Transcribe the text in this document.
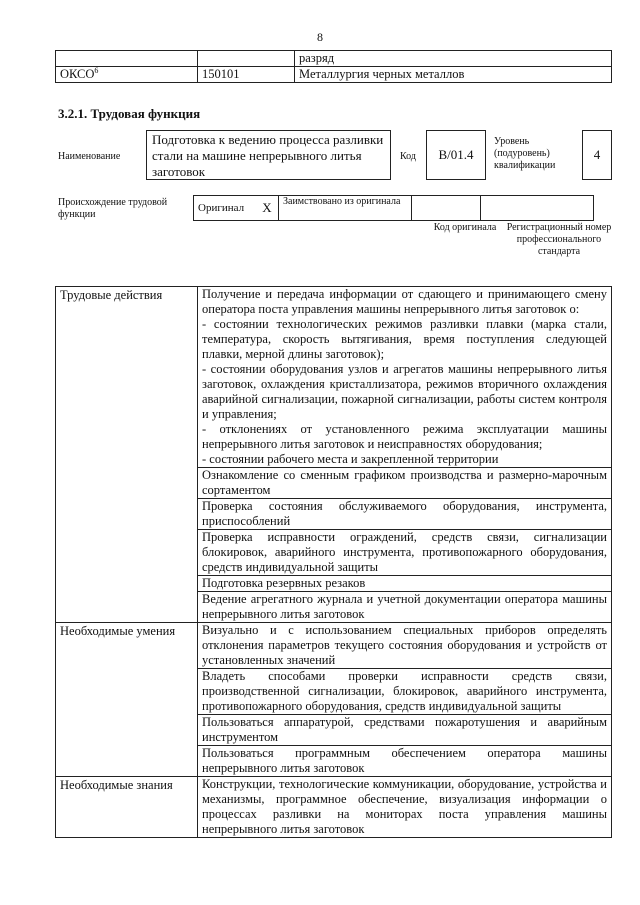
8
		разряд
ОКСО$^6$	150101	Металлургия черных металлов
3.2.1. Трудовая функция
Наименование
Подготовка к ведению процесса разливки стали на машине непрерывного литья заготовок
Код	B/01.4
Уровень (подуровень) квалификации
4
Происхождение трудовой функции
Оригинал	X	Заимствовано из оригинала		
Код оригинала	Регистрационный номер профессионального стандарта
Трудовые действия	Получение и передача информации от сдающего и принимающего смену оператора поста управления машины непрерывного литья заготовок о:
- состоянии технологических режимов разливки плавки (марка стали, температура, скорость вытягивания, время поступления следующей плавки, мерной длины заготовок);
- состоянии оборудования узлов и агрегатов машины непрерывного литья заготовок, охлаждения кристаллизатора, режимов вторичного охлаждения аварийной сигнализации, пожарной сигнализации, работы систем контроля и управления;
- отклонениях от установленного режима эксплуатации машины непрерывного литья заготовок и неисправностях оборудования;
- состоянии рабочего места и закрепленной территории

	Ознакомление со сменным графиком производства и размерно-марочным сортаментом

	Проверка состояния обслуживаемого оборудования, инструмента, приспособлений

	Проверка исправности ограждений, средств связи, сигнализации блокировок, аварийного инструмента, противопожарного оборудования, средств индивидуальной защиты

	Подготовка резервных резаков

	Ведение агрегатного журнала и учетной документации оператора машины непрерывного литья заготовок

Необходимые умения	Визуально и с использованием специальных приборов определять отклонения параметров текущего состояния оборудования и устройств от установленных значений

	Владеть способами проверки исправности средств связи, производственной сигнализации, блокировок, аварийного инструмента, противопожарного оборудования, средств индивидуальной защиты

	Пользоваться аппаратурой, средствами пожаротушения и аварийным инструментом

	Пользоваться программным обеспечением оператора машины непрерывного литья заготовок

Необходимые знания	Конструкции, технологические коммуникации, оборудование, устройства и механизмы, программное обеспечение, визуализация информации о процессах разливки на мониторах поста управления машины непрерывного литья заготовок
